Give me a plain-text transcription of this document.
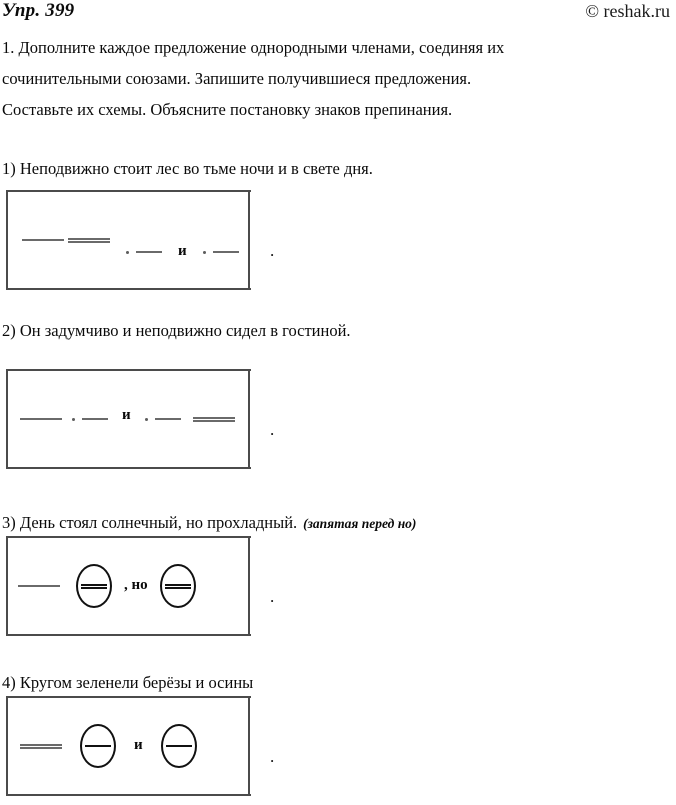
Упр. 399	© reshak.ru
1. Дополните каждое предложение однородными членами, соединяя их
сочинительными союзами. Запишите получившиеся предложения.
Составьте их схемы. Объясните постановку знаков препинания.
1) Неподвижно стоит лес во тьме ночи и в свете дня.
и	.
2) Он задумчиво и неподвижно сидел в гостиной.
и
.
3) День стоял солнечный, но прохладный. (запятая перед но)
, но
.
4) Кругом зеленели берёзы и осины
и
.
